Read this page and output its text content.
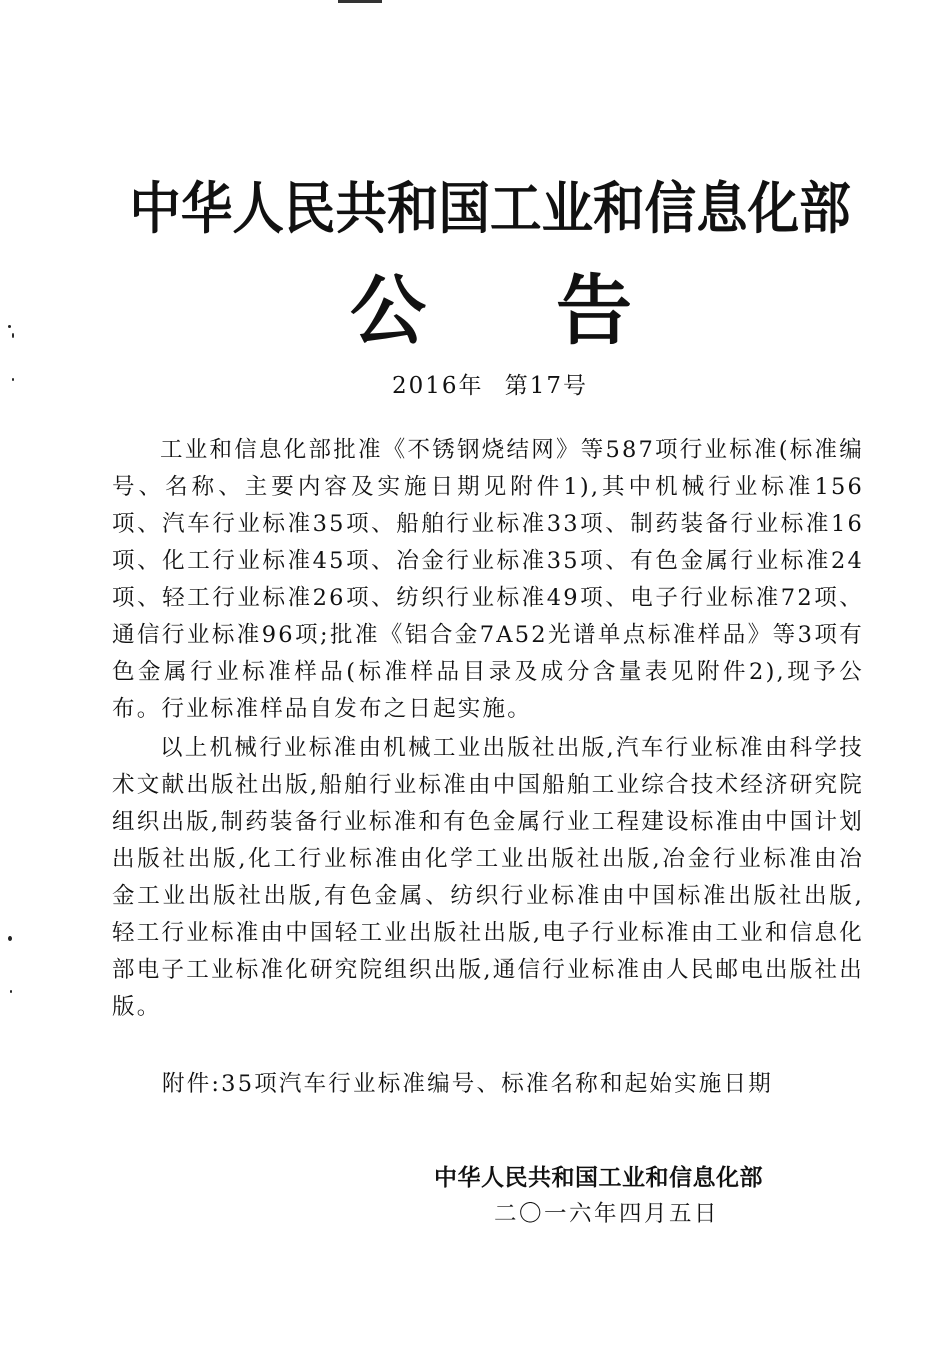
中华人民共和国工业和信息化部
公告
2016年 第17号

工业和信息化部批准《不锈钢烧结网》等587项行业标准(标准编号、名称、主要内容及实施日期见附件1),其中机械行业标准156项、汽车行业标准35项、船舶行业标准33项、制药装备行业标准16项、化工行业标准45项、冶金行业标准35项、有色金属行业标准24项、轻工行业标准26项、纺织行业标准49项、电子行业标准72项、通信行业标准96项;批准《铝合金7A52光谱单点标准样品》等3项有色金属行业标准样品(标准样品目录及成分含量表见附件2),现予公布。行业标准样品自发布之日起实施。

以上机械行业标准由机械工业出版社出版,汽车行业标准由科学技术文献出版社出版,船舶行业标准由中国船舶工业综合技术经济研究院组织出版,制药装备行业标准和有色金属行业工程建设标准由中国计划出版社出版,化工行业标准由化学工业出版社出版,冶金行业标准由冶金工业出版社出版,有色金属、纺织行业标准由中国标准出版社出版,轻工行业标准由中国轻工业出版社出版,电子行业标准由工业和信息化部电子工业标准化研究院组织出版,通信行业标准由人民邮电出版社出版。

附件:35项汽车行业标准编号、标准名称和起始实施日期
中华人民共和国工业和信息化部
二〇一六年四月五日
